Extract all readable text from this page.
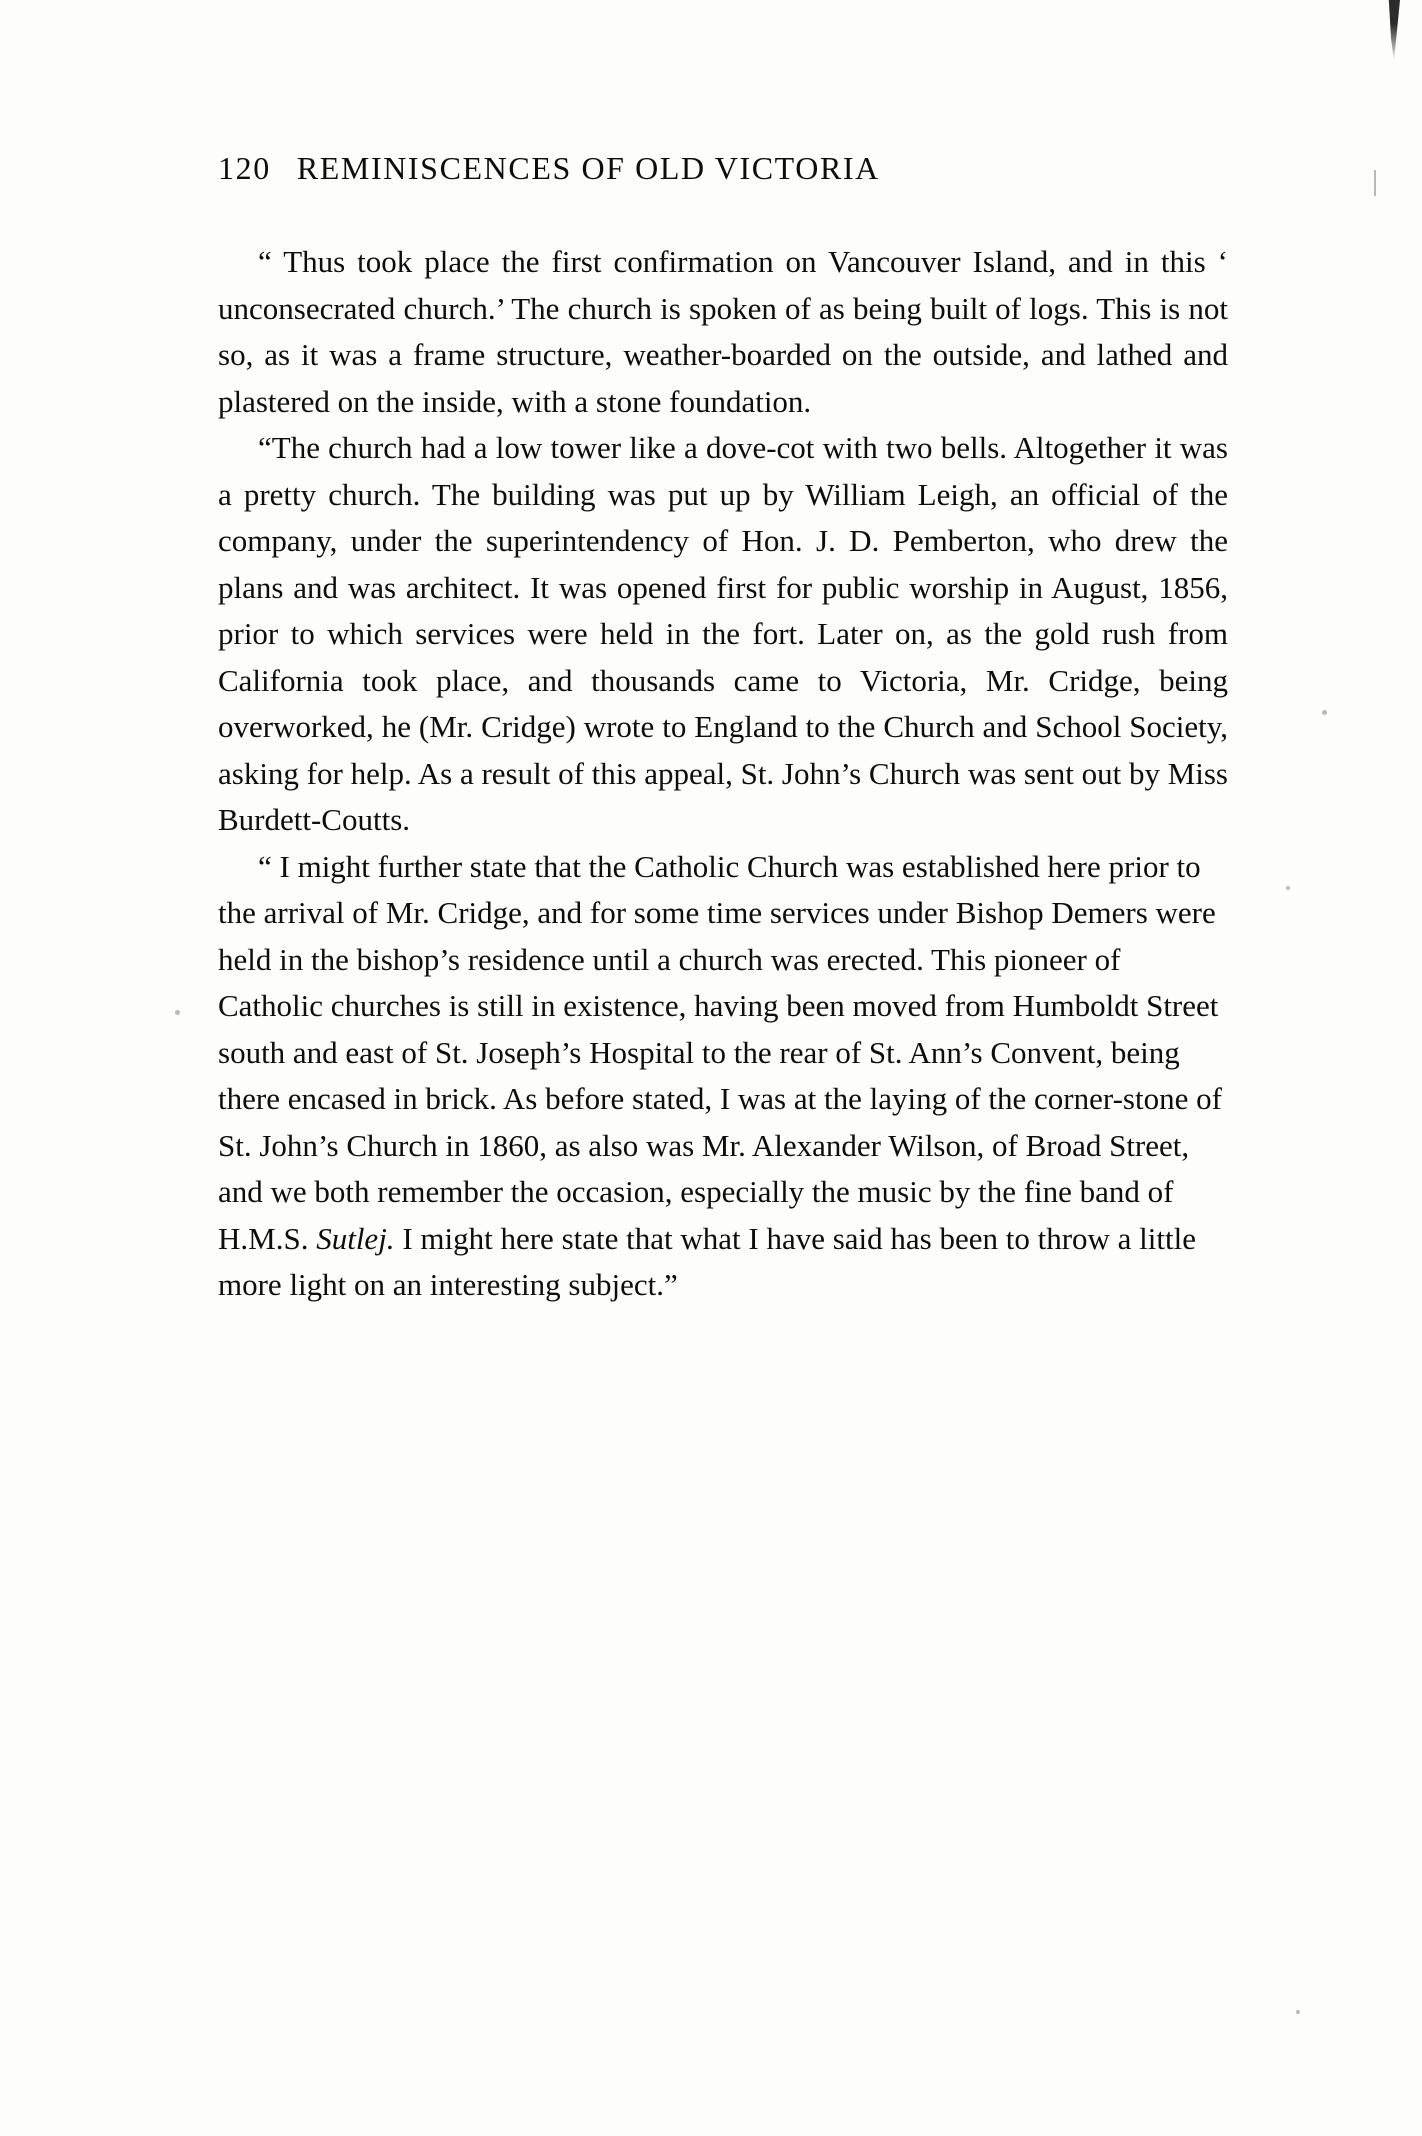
120 REMINISCENCES OF OLD VICTORIA

“ Thus took place the first confirmation on Vancouver Island, and in this ‘ unconsecrated church.’ The church is spoken of as being built of logs. This is not so, as it was a frame structure, weather-boarded on the outside, and lathed and plastered on the inside, with a stone foundation.

“The church had a low tower like a dove-cot with two bells. Altogether it was a pretty church. The building was put up by William Leigh, an official of the company, under the superintendency of Hon. J. D. Pemberton, who drew the plans and was architect. It was opened first for public worship in August, 1856, prior to which services were held in the fort. Later on, as the gold rush from California took place, and thousands came to Victoria, Mr. Cridge, being overworked, he (Mr. Cridge) wrote to England to the Church and School Society, asking for help. As a result of this appeal, St. John’s Church was sent out by Miss Burdett-Coutts.

“ I might further state that the Catholic Church was established here prior to the arrival of Mr. Cridge, and for some time services under Bishop Demers were held in the bishop’s residence until a church was erected. This pioneer of Catholic churches is still in existence, having been moved from Humboldt Street south and east of St. Joseph’s Hospital to the rear of St. Ann’s Convent, being there encased in brick. As before stated, I was at the laying of the corner-stone of St. John’s Church in 1860, as also was Mr. Alexander Wilson, of Broad Street, and we both remember the occasion, especially the music by the fine band of H.M.S. Sutlej. I might here state that what I have said has been to throw a little more light on an interesting subject.”
